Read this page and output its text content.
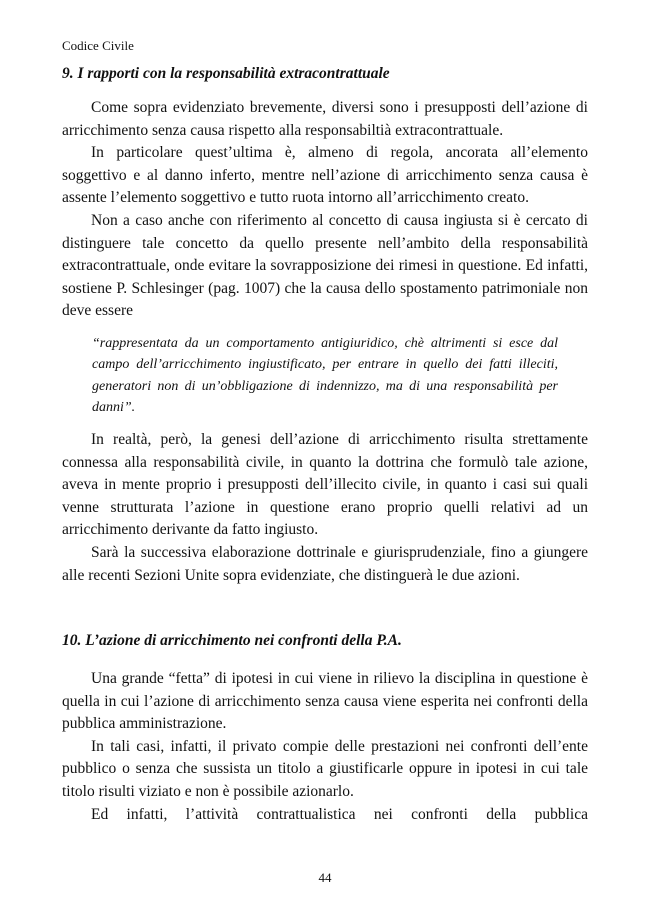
Codice Civile
9. I rapporti con la responsabilità extracontrattuale

Come sopra evidenziato brevemente, diversi sono i presupposti dell’azione di arricchimento senza causa rispetto alla responsabiltià extracontrattuale.

In particolare quest’ultima è, almeno di regola, ancorata all’elemento soggettivo e al danno inferto, mentre nell’azione di arricchimento senza causa è assente l’elemento soggettivo e tutto ruota intorno all’arricchimento creato.

Non a caso anche con riferimento al concetto di causa ingiusta si è cercato di distinguere tale concetto da quello presente nell’ambito della responsabilità extracontrattuale, onde evitare la sovrapposizione dei rimesi in questione. Ed infatti, sostiene P. Schlesinger (pag. 1007) che la causa dello spostamento patrimoniale non deve essere

“rappresentata da un comportamento antigiuridico, chè altrimenti si esce dal campo dell’arricchimento ingiustificato, per entrare in quello dei fatti illeciti, generatori non di un’obbligazione di indennizzo, ma di una responsabilità per danni”.

In realtà, però, la genesi dell’azione di arricchimento risulta strettamente connessa alla responsabilità civile, in quanto la dottrina che formulò tale azione, aveva in mente proprio i presupposti dell’illecito civile, in quanto i casi sui quali venne strutturata l’azione in questione erano proprio quelli relativi ad un arricchimento derivante da fatto ingiusto.

Sarà la successiva elaborazione dottrinale e giurisprudenziale, fino a giungere alle recenti Sezioni Unite sopra evidenziate, che distinguerà le due azioni.

10. L’azione di arricchimento nei confronti della P.A.

Una grande “fetta” di ipotesi in cui viene in rilievo la disciplina in questione è quella in cui l’azione di arricchimento senza causa viene esperita nei confronti della pubblica amministrazione.

In tali casi, infatti, il privato compie delle prestazioni nei confronti dell’ente pubblico o senza che sussista un titolo a giustificarle oppure in ipotesi in cui tale titolo risulti viziato e non è possibile azionarlo.

Ed infatti, l’attività contrattualistica nei confronti della pubblica

44
